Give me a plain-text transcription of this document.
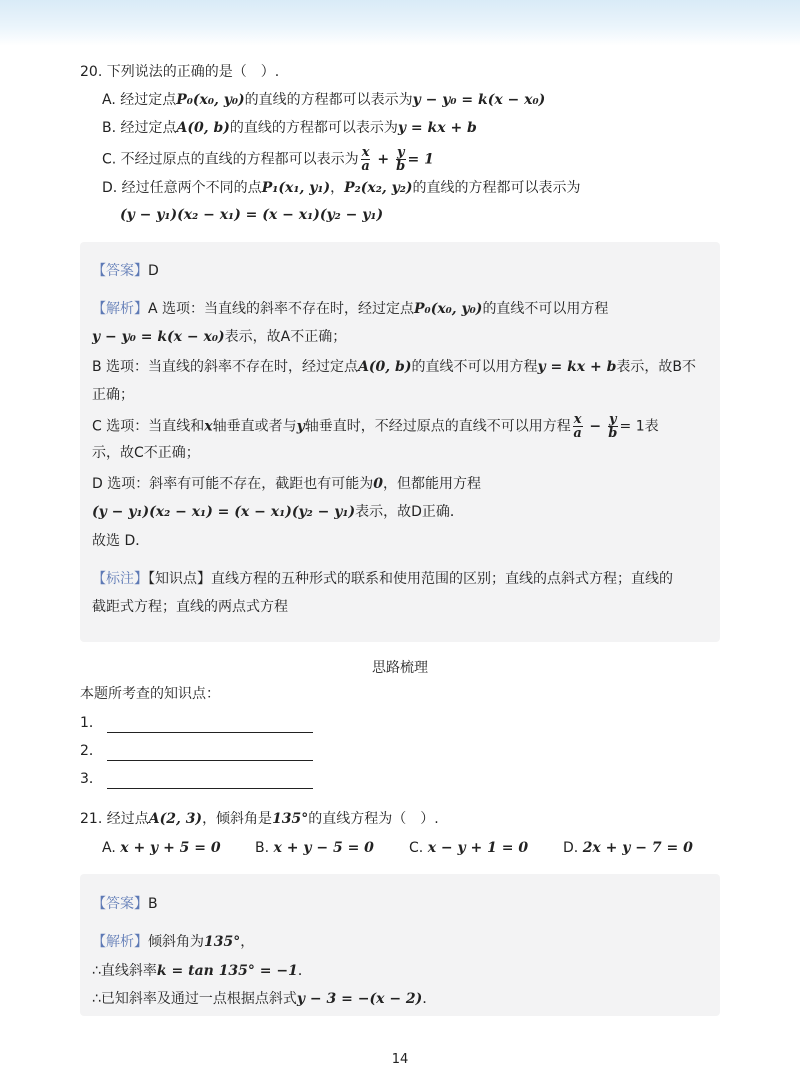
20. 下列说法的正确的是（　）.
A. 经过定点P₀(x₀, y₀)的直线的方程都可以表示为y − y₀ = k(x − x₀)
B. 经过定点A(0, b)的直线的方程都可以表示为y = kx + b
C. 不经过原点的直线的方程都可以表示为 $\frac{x}{a} + \frac{y}{b} = 1$
D. 经过任意两个不同的点P₁(x₁, y₁)，P₂(x₂, y₂)的直线的方程都可以表示为
(y − y₁)(x₂ − x₁) = (x − x₁)(y₂ − y₁)
【答案】D
【解析】A 选项：当直线的斜率不存在时，经过定点P₀(x₀, y₀)的直线不可以用方程
y − y₀ = k(x − x₀)表示，故A不正确；
B 选项：当直线的斜率不存在时，经过定点A(0, b)的直线不可以用方程y = kx + b表示，故B不
正确；
C 选项：当直线和x轴垂直或者与y轴垂直时，不经过原点的直线不可以用方程 $\frac{x}{a} - \frac{y}{b} = 1$表
示，故C不正确；
D 选项：斜率有可能不存在，截距也有可能为0，但都能用方程
(y − y₁)(x₂ − x₁) = (x − x₁)(y₂ − y₁)表示，故D正确．
故选 D．
【标注】【知识点】直线方程的五种形式的联系和使用范围的区别；直线的点斜式方程；直线的
截距式方程；直线的两点式方程
思路梳理
本题所考查的知识点：
1．
2．
3．
21. 经过点A(2, 3)，倾斜角是135°的直线方程为（　）.
A. x + y + 5 = 0 B. x + y − 5 = 0	C. x − y + 1 = 0 D. 2x + y − 7 = 0
【答案】B
【解析】倾斜角为135°，
∴直线斜率k = tan 135° = −1．
∴已知斜率及通过一点根据点斜式y − 3 = −(x − 2)．
14
